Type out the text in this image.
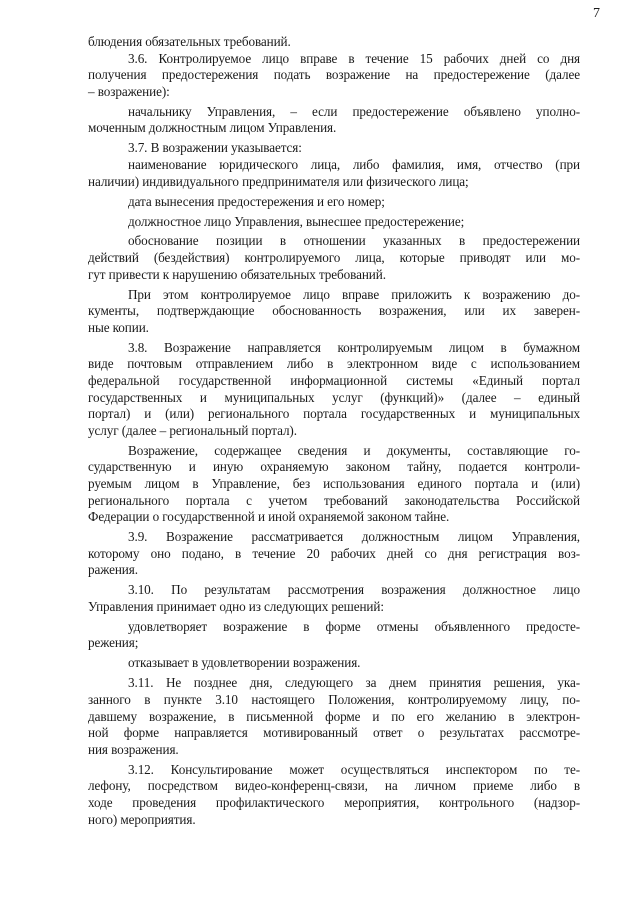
7
блюдения обязательных требований.
3.6. Контролируемое лицо вправе в течение 15 рабочих дней со дня
получения предостережения подать возражение на предостережение (далее
– возражение):
начальнику Управления, – если предостережение объявлено уполно-
моченным должностным лицом Управления.
3.7. В возражении указывается:
наименование юридического лица, либо фамилия, имя, отчество (при
наличии) индивидуального предпринимателя или физического лица;
дата вынесения предостережения и его номер;
должностное лицо Управления, вынесшее предостережение;
обоснование позиции в отношении указанных в предостережении
действий (бездействия) контролируемого лица, которые приводят или мо-
гут привести к нарушению обязательных требований.
При этом контролируемое лицо вправе приложить к возражению до-
кументы, подтверждающие обоснованность возражения, или их заверен-
ные копии.
3.8. Возражение направляется контролируемым лицом в бумажном
виде почтовым отправлением либо в электронном виде с использованием
федеральной государственной информационной системы «Единый портал
государственных и муниципальных услуг (функций)» (далее – единый
портал) и (или) регионального портала государственных и муниципальных
услуг (далее – региональный портал).
Возражение, содержащее сведения и документы, составляющие го-
сударственную и иную охраняемую законом тайну, подается контроли-
руемым лицом в Управление, без использования единого портала и (или)
регионального портала с учетом требований законодательства Российской
Федерации о государственной и иной охраняемой законом тайне.
3.9. Возражение рассматривается должностным лицом Управления,
которому оно подано, в течение 20 рабочих дней со дня регистрация воз-
ражения.
3.10. По результатам рассмотрения возражения должностное лицо
Управления принимает одно из следующих решений:
удовлетворяет возражение в форме отмены объявленного предосте-
режения;
отказывает в удовлетворении возражения.
3.11. Не позднее дня, следующего за днем принятия решения, ука-
занного в пункте 3.10 настоящего Положения, контролируемому лицу, по-
давшему возражение, в письменной форме и по его желанию в электрон-
ной форме направляется мотивированный ответ о результатах рассмотре-
ния возражения.
3.12. Консультирование может осуществляться инспектором по те-
лефону, посредством видео-конференц-связи, на личном приеме либо в
ходе проведения профилактического мероприятия, контрольного (надзор-
ного) мероприятия.
